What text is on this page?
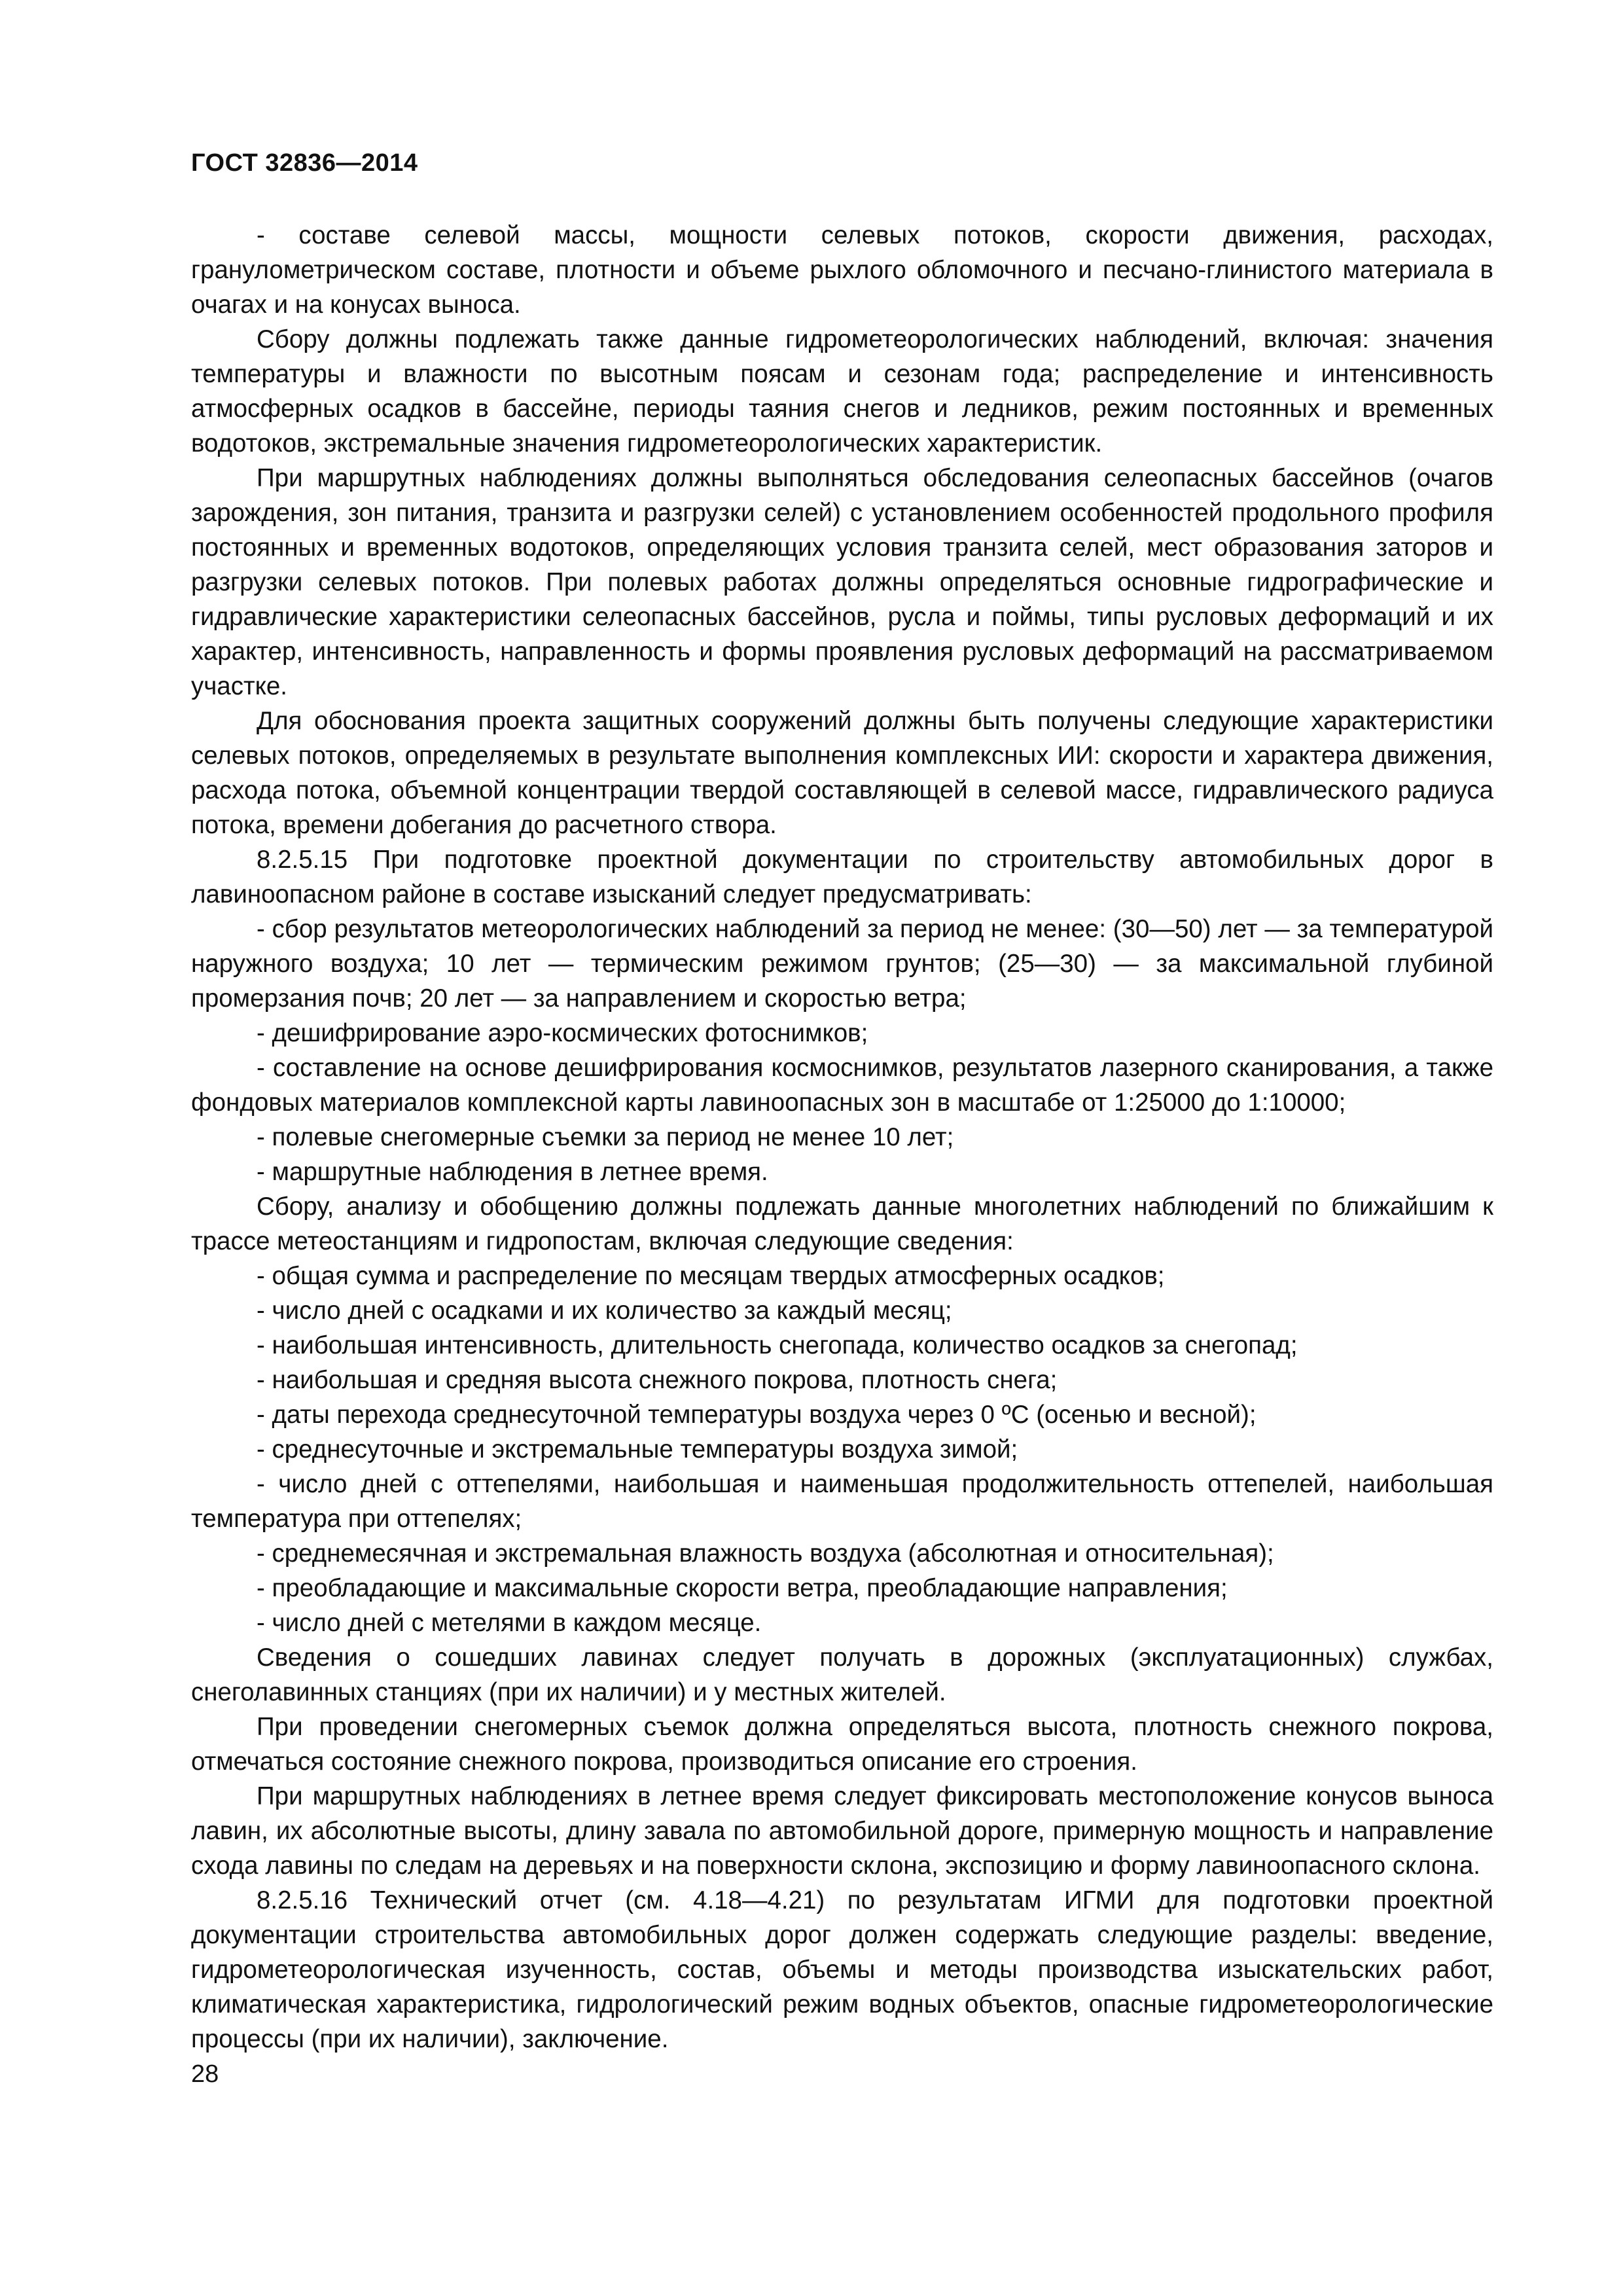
ГОСТ 32836—2014

- составе селевой массы, мощности селевых потоков, скорости движения, расходах, гранулометрическом составе, плотности и объеме рыхлого обломочного и песчано-глинистого материала в очагах и на конусах выноса.

Сбору должны подлежать также данные гидрометеорологических наблюдений, включая: значения температуры и влажности по высотным поясам и сезонам года; распределение и интенсивность атмосферных осадков в бассейне, периоды таяния снегов и ледников, режим постоянных и временных водотоков, экстремальные значения гидрометеорологических характеристик.

При маршрутных наблюдениях должны выполняться обследования селеопасных бассейнов (очагов зарождения, зон питания, транзита и разгрузки селей) с установлением особенностей продольного профиля постоянных и временных водотоков, определяющих условия транзита селей, мест образования заторов и разгрузки селевых потоков. При полевых работах должны определяться основные гидрографические и гидравлические характеристики селеопасных бассейнов, русла и поймы, типы русловых деформаций и их характер, интенсивность, направленность и формы проявления русловых деформаций на рассматриваемом участке.

Для обоснования проекта защитных сооружений должны быть получены следующие характеристики селевых потоков, определяемых в результате выполнения комплексных ИИ: скорости и характера движения, расхода потока, объемной концентрации твердой составляющей в селевой массе, гидравлического радиуса потока, времени добегания до расчетного створа.

8.2.5.15 При подготовке проектной документации по строительству автомобильных дорог в лавиноопасном районе в составе изысканий следует предусматривать:

- сбор результатов метеорологических наблюдений за период не менее: (30—50) лет — за температурой наружного воздуха; 10 лет — термическим режимом грунтов; (25—30) — за максимальной глубиной промерзания почв; 20 лет — за направлением и скоростью ветра;

- дешифрирование аэро-космических фотоснимков;

- составление на основе дешифрирования космоснимков, результатов лазерного сканирования, а также фондовых материалов комплексной карты лавиноопасных зон в масштабе от 1:25000 до 1:10000;

- полевые снегомерные съемки за период не менее 10 лет;

- маршрутные наблюдения в летнее время.

Сбору, анализу и обобщению должны подлежать данные многолетних наблюдений по ближайшим к трассе метеостанциям и гидропостам, включая следующие сведения:

- общая сумма и распределение по месяцам твердых атмосферных осадков;

- число дней с осадками и их количество за каждый месяц;

- наибольшая интенсивность, длительность снегопада, количество осадков за снегопад;

- наибольшая и средняя высота снежного покрова, плотность снега;

- даты перехода среднесуточной температуры воздуха через 0 ºС (осенью и весной);

- среднесуточные и экстремальные температуры воздуха зимой;

- число дней с оттепелями, наибольшая и наименьшая продолжительность оттепелей, наибольшая температура при оттепелях;

- среднемесячная и экстремальная влажность воздуха (абсолютная и относительная);

- преобладающие и максимальные скорости ветра, преобладающие направления;

- число дней с метелями в каждом месяце.

Сведения о сошедших лавинах следует получать в дорожных (эксплуатационных) службах, снеголавинных станциях (при их наличии) и у местных жителей.

При проведении снегомерных съемок должна определяться высота, плотность снежного покрова, отмечаться состояние снежного покрова, производиться описание его строения.

При маршрутных наблюдениях в летнее время следует фиксировать местоположение конусов выноса лавин, их абсолютные высоты, длину завала по автомобильной дороге, примерную мощность и направление схода лавины по следам на деревьях и на поверхности склона, экспозицию и форму лавиноопасного склона.

8.2.5.16 Технический отчет (см. 4.18—4.21) по результатам ИГМИ для подготовки проектной документации строительства автомобильных дорог должен содержать следующие разделы: введение, гидрометеорологическая изученность, состав, объемы и методы производства изыскательских работ, климатическая характеристика, гидрологический режим водных объектов, опасные гидрометеорологические процессы (при их наличии), заключение.

28
